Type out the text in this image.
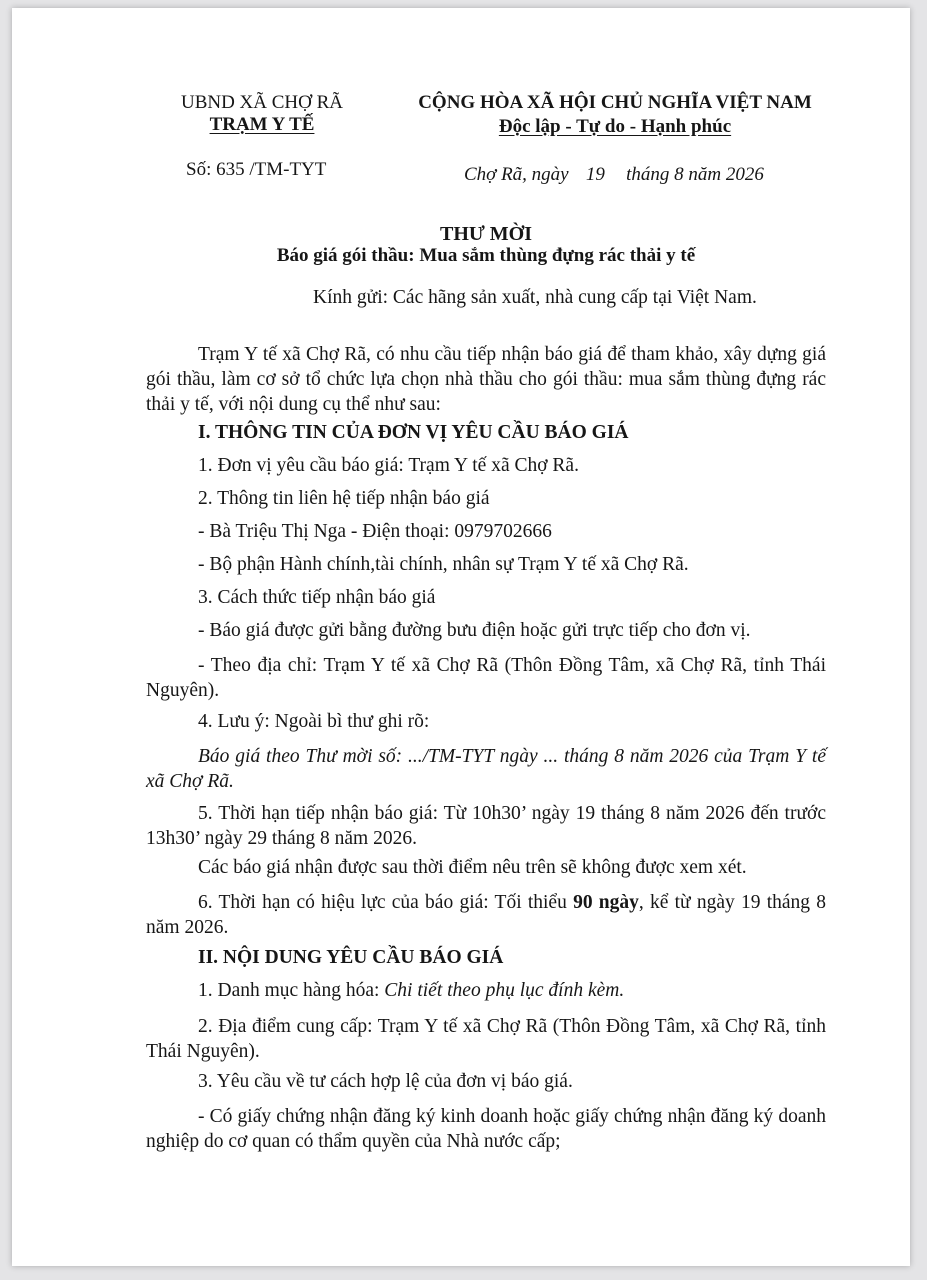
UBND XÃ CHỢ RÃ
TRẠM Y TẾ
Số: 635 /TM-TYT
CỘNG HÒA XÃ HỘI CHỦ NGHĨA VIỆT NAM
Độc lập - Tự do - Hạnh phúc
Chợ Rã, ngày 19 tháng 8 năm 2026
THƯ MỜI
Báo giá gói thầu: Mua sắm thùng đựng rác thải y tế
Kính gửi: Các hãng sản xuất, nhà cung cấp tại Việt Nam.
Trạm Y tế xã Chợ Rã, có nhu cầu tiếp nhận báo giá để tham khảo, xây dựng giá gói thầu, làm cơ sở tổ chức lựa chọn nhà thầu cho gói thầu: mua sắm thùng đựng rác thải y tế, với nội dung cụ thể như sau:
I. THÔNG TIN CỦA ĐƠN VỊ YÊU CẦU BÁO GIÁ
1. Đơn vị yêu cầu báo giá: Trạm Y tế xã Chợ Rã.
2. Thông tin liên hệ tiếp nhận báo giá
- Bà Triệu Thị Nga - Điện thoại: 0979702666
- Bộ phận Hành chính,tài chính, nhân sự Trạm Y tế xã Chợ Rã.
3. Cách thức tiếp nhận báo giá
- Báo giá được gửi bằng đường bưu điện hoặc gửi trực tiếp cho đơn vị.
- Theo địa chỉ: Trạm Y tế xã Chợ Rã (Thôn Đồng Tâm, xã Chợ Rã, tỉnh Thái Nguyên).
4. Lưu ý: Ngoài bì thư ghi rõ:
Báo giá theo Thư mời số: .../TM-TYT ngày ... tháng 8 năm 2026 của Trạm Y tế xã Chợ Rã.
5. Thời hạn tiếp nhận báo giá: Từ 10h30’ ngày 19 tháng 8 năm 2026 đến trước 13h30’ ngày 29 tháng 8 năm 2026.
Các báo giá nhận được sau thời điểm nêu trên sẽ không được xem xét.
6. Thời hạn có hiệu lực của báo giá: Tối thiểu 90 ngày, kể từ ngày 19 tháng 8 năm 2026.
II. NỘI DUNG YÊU CẦU BÁO GIÁ
1. Danh mục hàng hóa: Chi tiết theo phụ lục đính kèm.
2. Địa điểm cung cấp: Trạm Y tế xã Chợ Rã (Thôn Đồng Tâm, xã Chợ Rã, tỉnh Thái Nguyên).
3. Yêu cầu về tư cách hợp lệ của đơn vị báo giá.
- Có giấy chứng nhận đăng ký kinh doanh hoặc giấy chứng nhận đăng ký doanh nghiệp do cơ quan có thẩm quyền của Nhà nước cấp;
